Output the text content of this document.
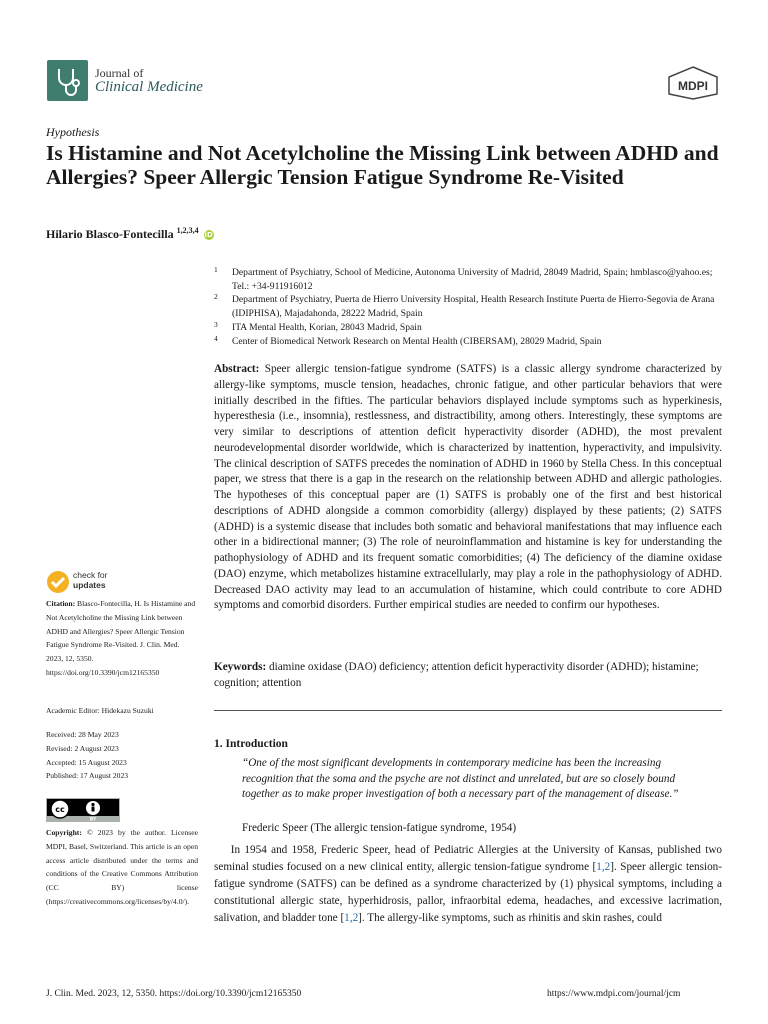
Journal of
Clinical Medicine	MDPI
Hypothesis
Is Histamine and Not Acetylcholine the Missing Link between ADHD and Allergies? Speer Allergic Tension Fatigue Syndrome Re-Visited
Hilario Blasco-Fontecilla $^{1,2,3,4}$ iD
1 Department of Psychiatry, School of Medicine, Autonoma University of Madrid, 28049 Madrid, Spain; hmblasco@yahoo.es; Tel.: +34-911916012
2 Department of Psychiatry, Puerta de Hierro University Hospital, Health Research Institute Puerta de Hierro-Segovia de Arana (IDIPHISA), Majadahonda, 28222 Madrid, Spain
3 ITA Mental Health, Korian, 28043 Madrid, Spain
4 Center of Biomedical Network Research on Mental Health (CIBERSAM), 28029 Madrid, Spain
Abstract: Speer allergic tension-fatigue syndrome (SATFS) is a classic allergy syndrome characterized by allergy-like symptoms, muscle tension, headaches, chronic fatigue, and other particular behaviors that were initially described in the fifties. The particular behaviors displayed include symptoms such as hyperkinesis, hyperesthesia (i.e., insomnia), restlessness, and distractibility, among others. Interestingly, these symptoms are very similar to descriptions of attention deficit hyperactivity disorder (ADHD), the most prevalent neurodevelopmental disorder worldwide, which is characterized by inattention, hyperactivity, and impulsivity. The clinical description of SATFS precedes the nomination of ADHD in 1960 by Stella Chess. In this conceptual paper, we stress that there is a gap in the research on the relationship between ADHD and allergic pathologies. The hypotheses of this conceptual paper are (1) SATFS is probably one of the first and best historical descriptions of ADHD alongside a common comorbidity (allergy) displayed by these patients; (2) SATFS (ADHD) is a systemic disease that includes both somatic and behavioral manifestations that may influence each other in a bidirectional manner; (3) The role of neuroinflammation and histamine is key for understanding the pathophysiology of ADHD and its frequent somatic comorbidities; (4) The deficiency of the diamine oxidase (DAO) enzyme, which metabolizes histamine extracellularly, may play a role in the pathophysiology of ADHD. Decreased DAO activity may lead to an accumulation of histamine, which could contribute to core ADHD symptoms and comorbid disorders. Further empirical studies are needed to confirm our hypotheses.
Keywords: diamine oxidase (DAO) deficiency; attention deficit hyperactivity disorder (ADHD); histamine; cognition; attention
1. Introduction
“One of the most significant developments in contemporary medicine has been the increasing recognition that the soma and the psyche are not distinct and unrelated, but are so closely bound together as to make proper investigation of both a necessary part of the management of disease.”
Frederic Speer (The allergic tension-fatigue syndrome, 1954)
  In 1954 and 1958, Frederic Speer, head of Pediatric Allergies at the University of Kansas, published two seminal studies focused on a new clinical entity, allergic tension-fatigue syndrome [1,2]. Speer allergic tension-fatigue syndrome (SATFS) can be defined as a syndrome characterized by (1) physical symptoms, including a constitutional allergic state, hyperhidrosis, pallor, infraorbital edema, headaches, and excessive lacrimation, salivation, and bladder tone [1,2]. The allergy-like symptoms, such as rhinitis and skin rashes, could
check for
updates
Citation: Blasco-Fontecilla, H. Is Histamine and Not Acetylcholine the Missing Link between ADHD and Allergies? Speer Allergic Tension Fatigue Syndrome Re-Visited. J. Clin. Med. 2023, 12, 5350. https://doi.org/10.3390/jcm12165350
Academic Editor: Hidekazu Suzuki
Received: 28 May 2023
Revised: 2 August 2023
Accepted: 15 August 2023
Published: 17 August 2023
cc
BY
Copyright: © 2023 by the author. Licensee MDPI, Basel, Switzerland. This article is an open access article distributed under the terms and conditions of the Creative Commons Attribution (CC BY) license (https://creativecommons.org/licenses/by/4.0/).
J. Clin. Med. 2023, 12, 5350. https://doi.org/10.3390/jcm12165350	https://www.mdpi.com/journal/jcm
